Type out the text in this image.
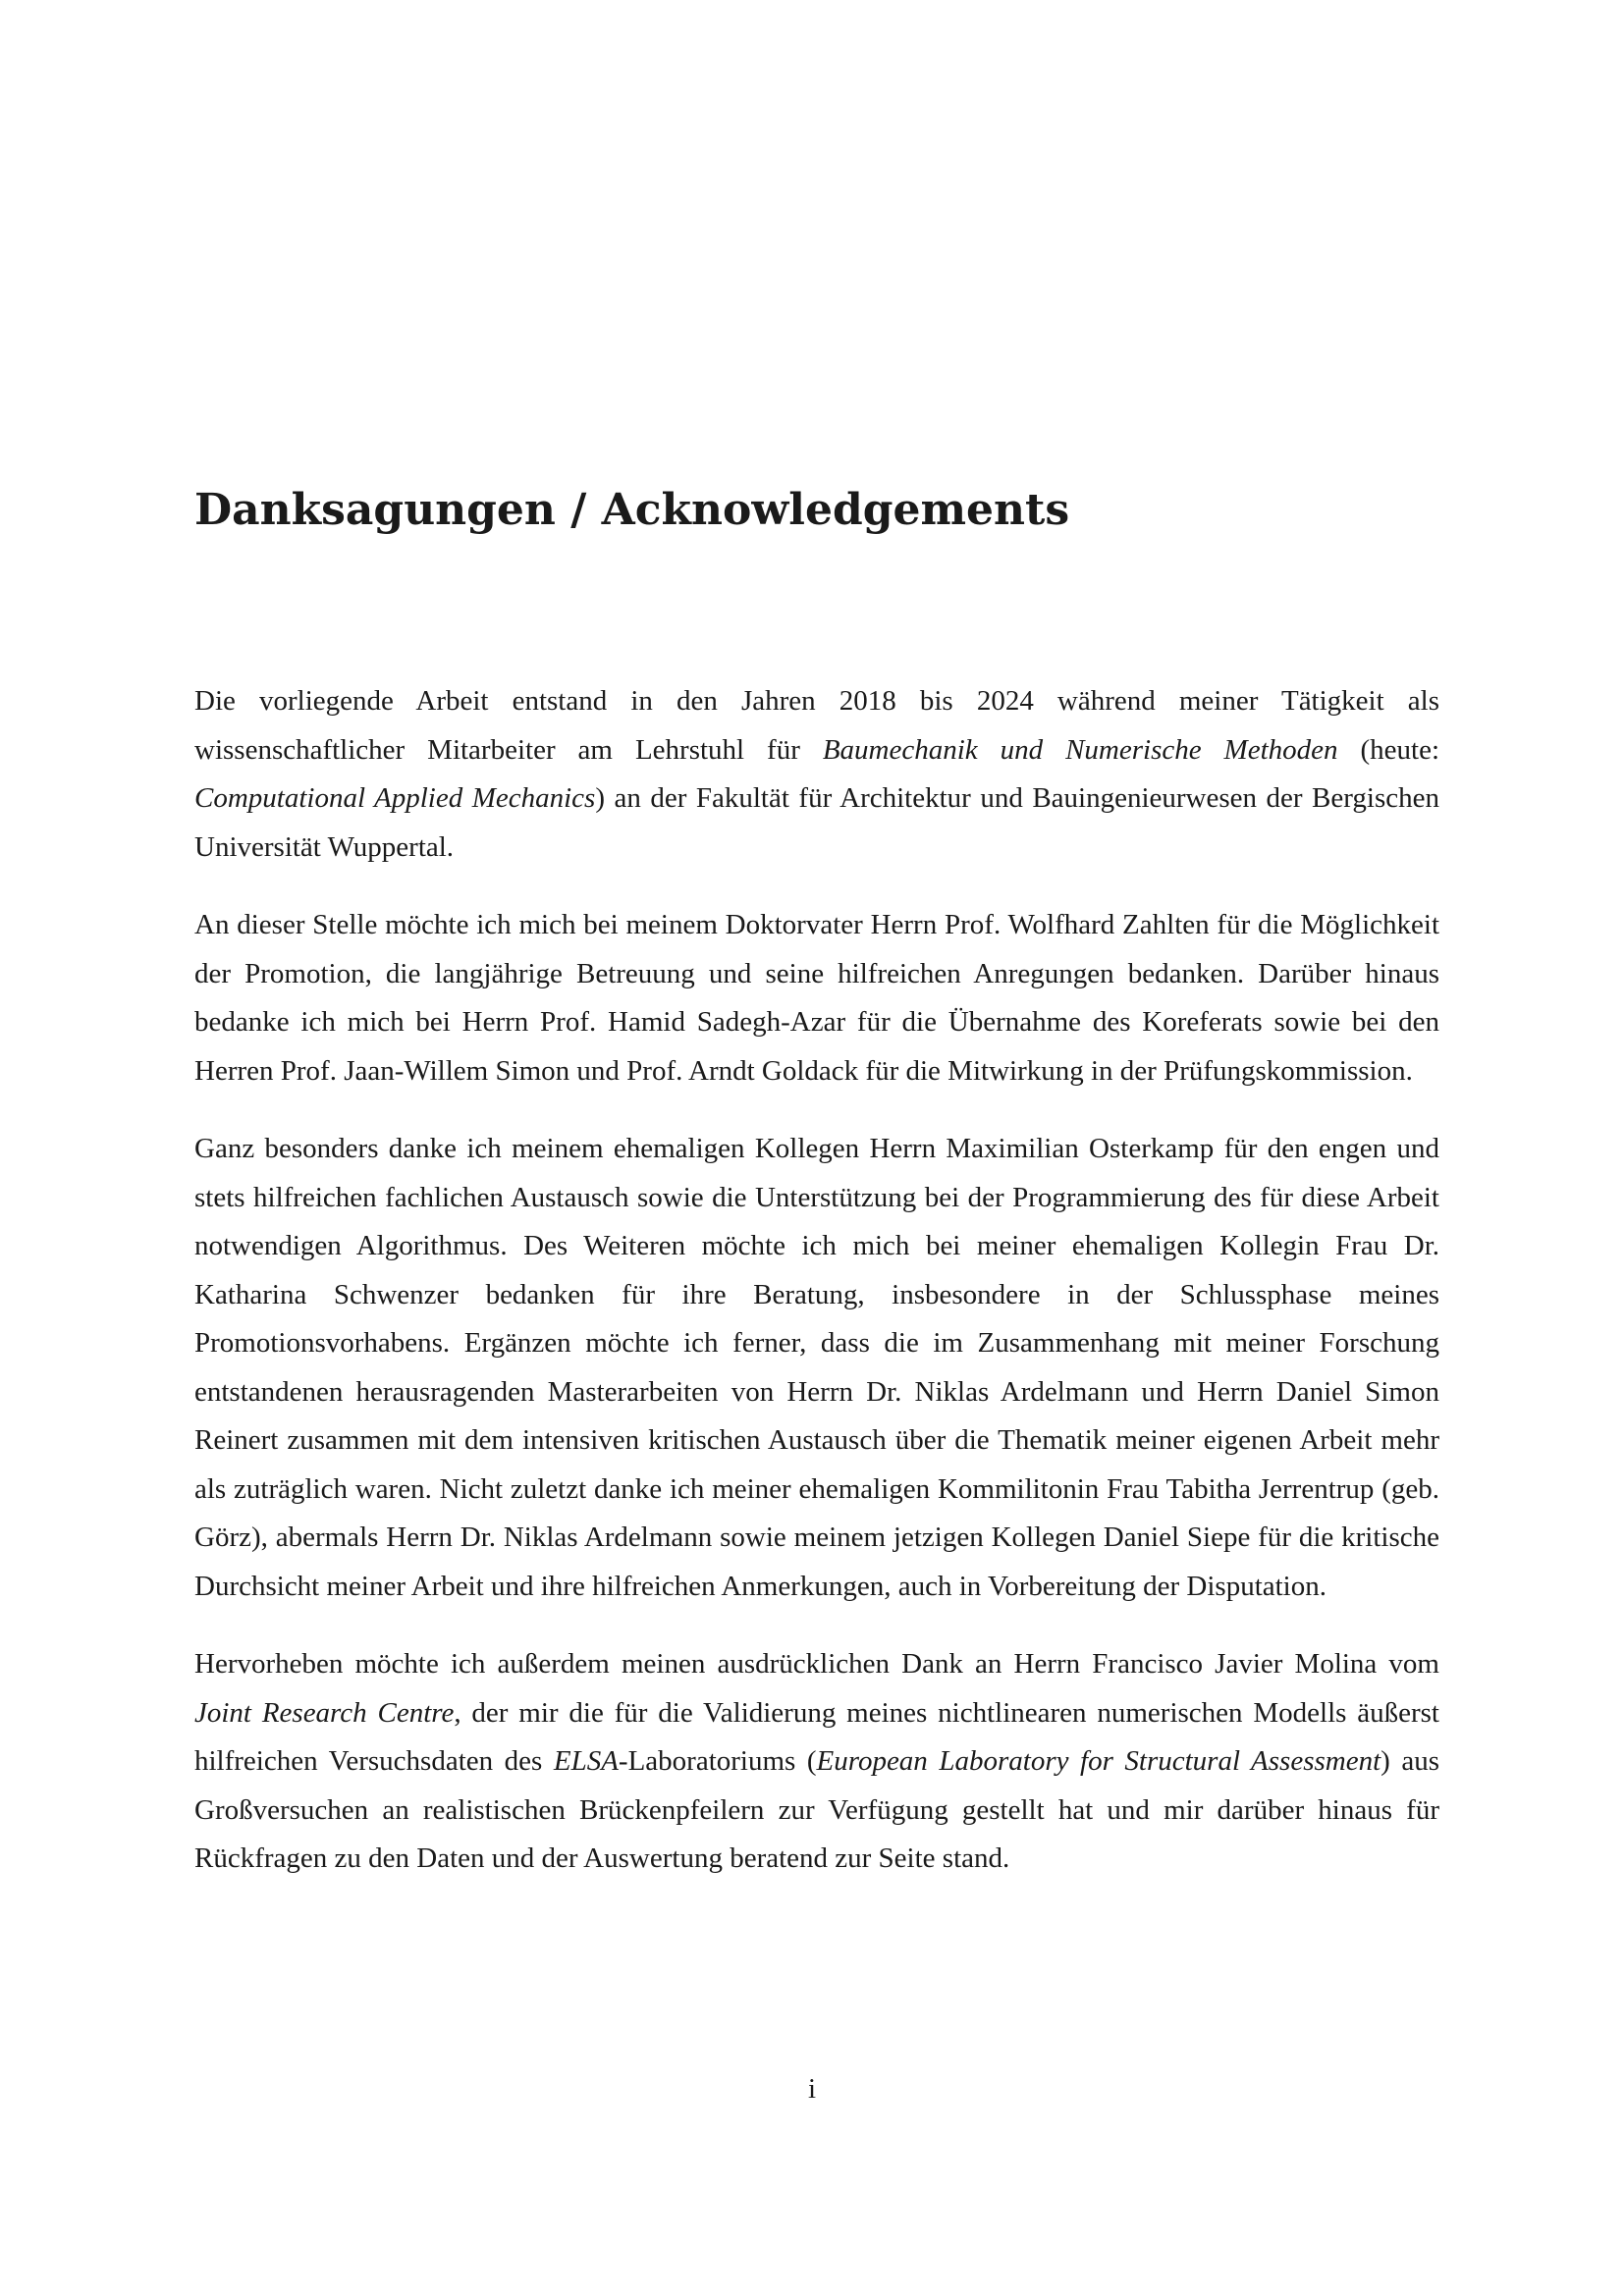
Danksagungen / Acknowledgements

Die vorliegende Arbeit entstand in den Jahren 2018 bis 2024 während meiner Tätigkeit als wissenschaftlicher Mitarbeiter am Lehrstuhl für Baumechanik und Numerische Methoden (heute: Computational Applied Mechanics) an der Fakultät für Architektur und Bauingenieurwesen der Bergischen Universität Wuppertal.

An dieser Stelle möchte ich mich bei meinem Doktorvater Herrn Prof. Wolfhard Zahlten für die Möglichkeit der Promotion, die langjährige Betreuung und seine hilfreichen Anregungen bedanken. Darüber hinaus bedanke ich mich bei Herrn Prof. Hamid Sadegh-Azar für die Übernahme des Koreferats sowie bei den Herren Prof. Jaan-Willem Simon und Prof. Arndt Goldack für die Mitwirkung in der Prüfungskommission.

Ganz besonders danke ich meinem ehemaligen Kollegen Herrn Maximilian Osterkamp für den engen und stets hilfreichen fachlichen Austausch sowie die Unterstützung bei der Programmierung des für diese Arbeit notwendigen Algorithmus. Des Weiteren möchte ich mich bei meiner ehemaligen Kollegin Frau Dr. Katharina Schwenzer bedanken für ihre Beratung, insbesondere in der Schlussphase meines Promotionsvorhabens. Ergänzen möchte ich ferner, dass die im Zusammenhang mit meiner Forschung entstandenen herausragenden Masterarbeiten von Herrn Dr. Niklas Ardelmann und Herrn Daniel Simon Reinert zusammen mit dem intensiven kritischen Austausch über die Thematik meiner eigenen Arbeit mehr als zuträglich waren. Nicht zuletzt danke ich meiner ehemaligen Kommilitonin Frau Tabitha Jerrentrup (geb. Görz), abermals Herrn Dr. Niklas Ardelmann sowie meinem jetzigen Kollegen Daniel Siepe für die kritische Durchsicht meiner Arbeit und ihre hilfreichen Anmerkungen, auch in Vorbereitung der Disputation.

Hervorheben möchte ich außerdem meinen ausdrücklichen Dank an Herrn Francisco Javier Molina vom Joint Research Centre, der mir die für die Validierung meines nichtlinearen numerischen Modells äußerst hilfreichen Versuchsdaten des ELSA-Laboratoriums (European Laboratory for Structural Assessment) aus Großversuchen an realistischen Brückenpfeilern zur Verfügung gestellt hat und mir darüber hinaus für Rückfragen zu den Daten und der Auswertung beratend zur Seite stand.

i
